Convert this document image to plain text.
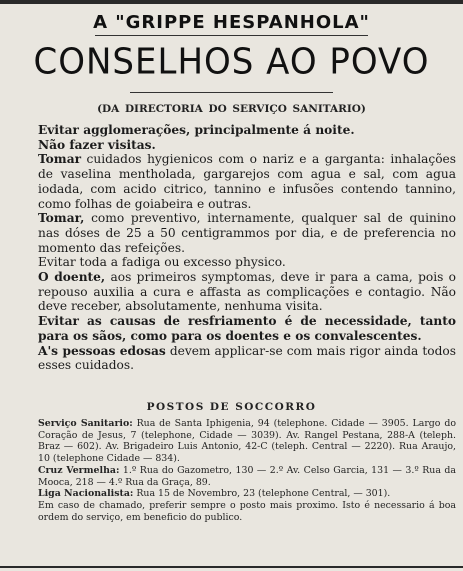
A "GRIPPE HESPANHOLA"
CONSELHOS AO POVO
(DA DIRECTORIA DO SERVIÇO SANITARIO)

Evitar agglomerações, principalmente á noite.

Não fazer visitas.

Tomar cuidados hygienicos com o nariz e a garganta: inhalações de vaselina mentholada, gargarejos com agua e sal, com agua iodada, com acido citrico, tannino e infusões contendo tannino, como folhas de goiabeira e outras.

Tomar, como preventivo, internamente, qualquer sal de quinino nas dóses de 25 a 50 centigrammos por dia, e de preferencia no momento das refeições.

Evitar toda a fadiga ou excesso physico.

O doente, aos primeiros symptomas, deve ir para a cama, pois o repouso auxilia a cura e affasta as complicações e contagio. Não deve receber, absolutamente, nenhuma visita.

Evitar as causas de resfriamento é de necessidade, tanto para os sãos, como para os doentes e os convalescentes.

A's pessoas edosas devem applicar-se com mais rigor ainda todos esses cuidados.

POSTOS DE SOCCORRO

Serviço Sanitario: Rua de Santa Iphigenia, 94 (telephone. Cidade — 3905. Largo do Coração de Jesus, 7 (telephone, Cidade — 3039). Av. Rangel Pestana, 288-A (teleph. Braz — 602). Av. Brigadeiro Luis Antonio, 42-C (teleph. Central — 2220). Rua Araujo, 10 (telephone Cidade — 834).

Cruz Vermelha: 1.º Rua do Gazometro, 130 — 2.º Av. Celso Garcia, 131 — 3.º Rua da Mooca, 218 — 4.º Rua da Graça, 89.

Liga Nacionalista: Rua 15 de Novembro, 23 (telephone Central, — 301).

Em caso de chamado, preferir sempre o posto mais proximo. Isto é necessario á boa ordem do serviço, em beneficio do publico.
